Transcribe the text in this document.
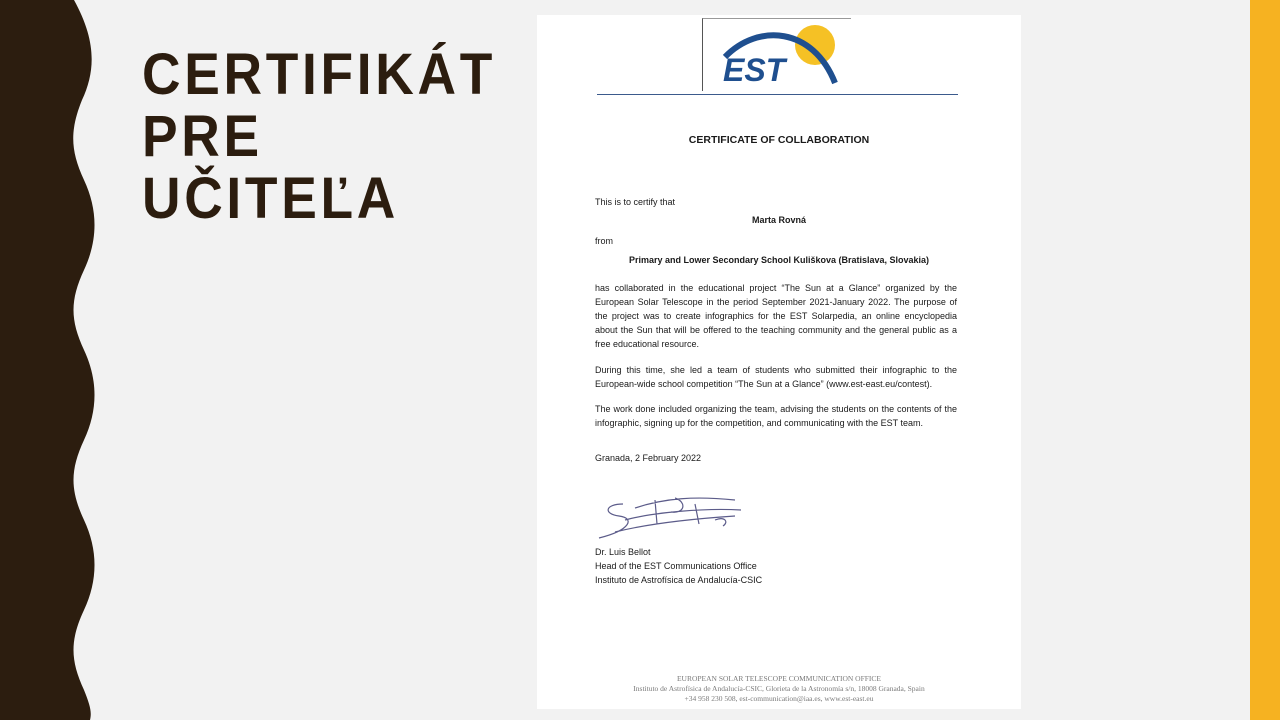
CERTIFIKÁT
PRE
UČITEĽA
EST
CERTIFICATE OF COLLABORATION
This is to certify that
Marta Rovná
from
Primary and Lower Secondary School Kuliškova (Bratislava, Slovakia)
has collaborated in the educational project “The Sun at a Glance” organized by the European Solar Telescope in the period September 2021-January 2022. The purpose of the project was to create infographics for the EST Solarpedia, an online encyclopedia about the Sun that will be offered to the teaching community and the general public as a free educational resource.
During this time, she led a team of students who submitted their infographic to the European-wide school competition “The Sun at a Glance” (www.est-east.eu/contest).
The work done included organizing the team, advising the students on the contents of the infographic, signing up for the competition, and communicating with the EST team.
Granada, 2 February 2022
Dr. Luis Bellot
Head of the EST Communications Office
Instituto de Astrofísica de Andalucía-CSIC
EUROPEAN SOLAR TELESCOPE COMMUNICATION OFFICE
Instituto de Astrofísica de Andalucía-CSIC, Glorieta de la Astronomía s/n, 18008 Granada, Spain
+34 958 230 508, est-communication@iaa.es, www.est-east.eu
